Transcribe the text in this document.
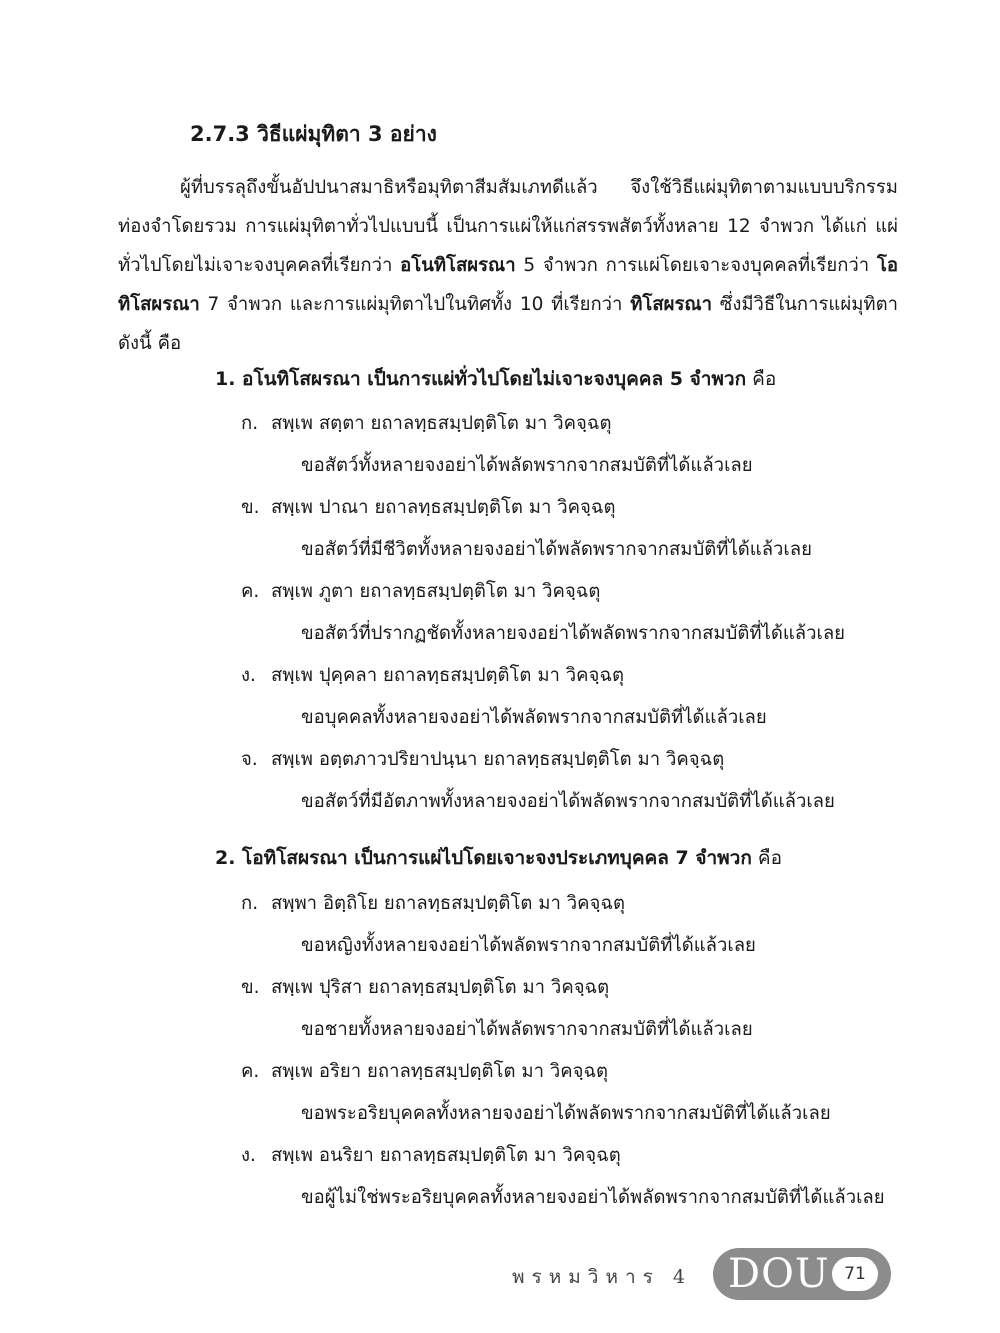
2.7.3 วิธีแผ่มุทิตา 3 อย่าง

ผู้ที่บรรลุถึงขั้นอัปปนาสมาธิหรือมุทิตาสีมสัมเภทดีแล้ว จึงใช้วิธีแผ่มุทิตาตามแบบบริกรรมท่องจำโดยรวม การแผ่มุทิตาทั่วไปแบบนี้ เป็นการแผ่ให้แก่สรรพสัตว์ทั้งหลาย 12 จำพวก ได้แก่ แผ่ทั่วไปโดยไม่เจาะจงบุคคลที่เรียกว่า อโนทิโสผรณา 5 จำพวก การแผ่โดยเจาะจงบุคคลที่เรียกว่า โอทิโสผรณา 7 จำพวก และการแผ่มุทิตาไปในทิศทั้ง 10 ที่เรียกว่า ทิโสผรณา ซึ่งมีวิธีในการแผ่มุทิตาดังนี้ คือ

1. อโนทิโสผรณา เป็นการแผ่ทั่วไปโดยไม่เจาะจงบุคคล 5 จำพวก คือ

ก. สพฺเพ สตฺตา ยถาลทฺธสมฺปตฺติโต มา วิคจฺฉตุ
ขอสัตว์ทั้งหลายจงอย่าได้พลัดพรากจากสมบัติที่ได้แล้วเลย
ข. สพฺเพ ปาณา ยถาลทฺธสมฺปตฺติโต มา วิคจฺฉตุ
ขอสัตว์ที่มีชีวิตทั้งหลายจงอย่าได้พลัดพรากจากสมบัติที่ได้แล้วเลย
ค. สพฺเพ ภูตา ยถาลทฺธสมฺปตฺติโต มา วิคจฺฉตุ
ขอสัตว์ที่ปรากฏชัดทั้งหลายจงอย่าได้พลัดพรากจากสมบัติที่ได้แล้วเลย
ง. สพฺเพ ปุคฺคลา ยถาลทฺธสมฺปตฺติโต มา วิคจฺฉตุ
ขอบุคคลทั้งหลายจงอย่าได้พลัดพรากจากสมบัติที่ได้แล้วเลย
จ. สพฺเพ อตฺตภาวปริยาปนฺนา ยถาลทฺธสมฺปตฺติโต มา วิคจฺฉตุ
ขอสัตว์ที่มีอัตภาพทั้งหลายจงอย่าได้พลัดพรากจากสมบัติที่ได้แล้วเลย

2. โอทิโสผรณา เป็นการแผ่ไปโดยเจาะจงประเภทบุคคล 7 จำพวก คือ

ก. สพฺพา อิตฺถิโย ยถาลทฺธสมฺปตฺติโต มา วิคจฺฉตุ
ขอหญิงทั้งหลายจงอย่าได้พลัดพรากจากสมบัติที่ได้แล้วเลย
ข. สพฺเพ ปุริสา ยถาลทฺธสมฺปตฺติโต มา วิคจฺฉตุ
ขอชายทั้งหลายจงอย่าได้พลัดพรากจากสมบัติที่ได้แล้วเลย
ค. สพฺเพ อริยา ยถาลทฺธสมฺปตฺติโต มา วิคจฺฉตุ
ขอพระอริยบุคคลทั้งหลายจงอย่าได้พลัดพรากจากสมบัติที่ได้แล้วเลย
ง. สพฺเพ อนริยา ยถาลทฺธสมฺปตฺติโต มา วิคจฺฉตุ
ขอผู้ไม่ใช่พระอริยบุคคลทั้งหลายจงอย่าได้พลัดพรากจากสมบัติที่ได้แล้วเลย
พรหมวิหาร 4 DOU 71
